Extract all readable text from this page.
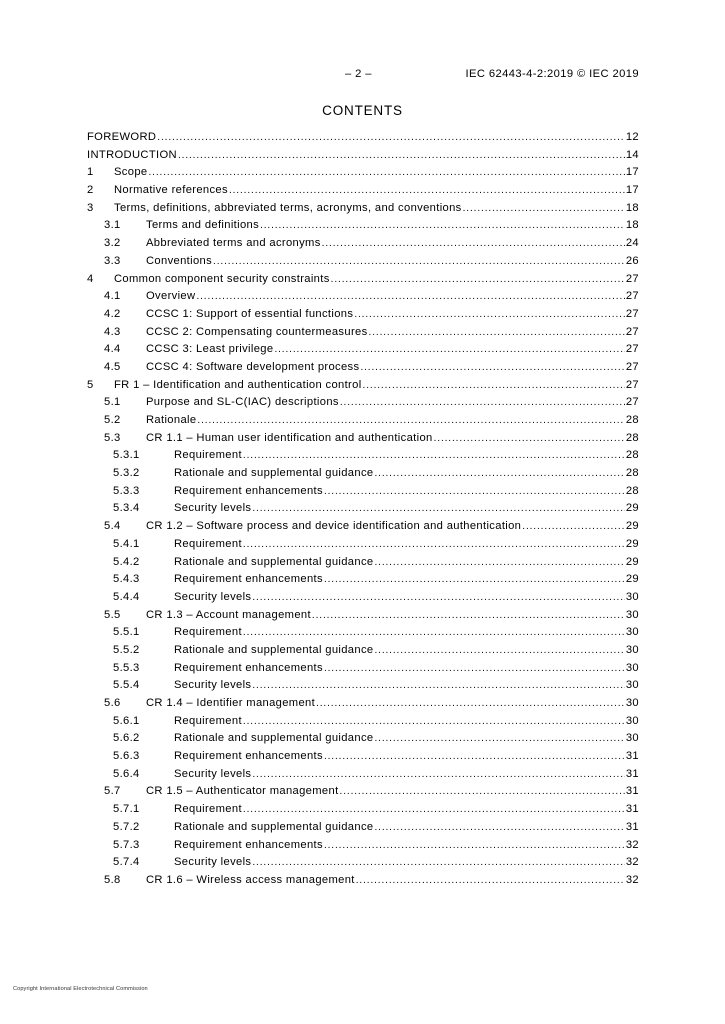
– 2 –	IEC 62443-4-2:2019 © IEC 2019
CONTENTS
FOREWORD .....	12
INTRODUCTION .....	14
1 Scope .....	17
2 Normative references .....	17
3 Terms, definitions, abbreviated terms, acronyms, and conventions .....	18
3.1 Terms and definitions .....	18
3.2 Abbreviated terms and acronyms .....	24
3.3 Conventions .....	26
4 Common component security constraints .....	27
4.1 Overview .....	27
4.2 CCSC 1: Support of essential functions .....	27
4.3 CCSC 2: Compensating countermeasures .....	27
4.4 CCSC 3: Least privilege .....	27
4.5 CCSC 4: Software development process .....	27
5 FR 1 – Identification and authentication control .....	27
5.1 Purpose and SL-C(IAC) descriptions .....	27
5.2 Rationale .....	28
5.3 CR 1.1 – Human user identification and authentication .....	28
5.3.1	Requirement .....	28
5.3.2	Rationale and supplemental guidance .....	28
5.3.3	Requirement enhancements .....	28
5.3.4	Security levels .....	29
5.4 CR 1.2 – Software process and device identification and authentication .....	29
5.4.1	Requirement .....	29
5.4.2	Rationale and supplemental guidance .....	29
5.4.3	Requirement enhancements .....	29
5.4.4	Security levels .....	30
5.5 CR 1.3 – Account management .....	30
5.5.1	Requirement .....	30
5.5.2	Rationale and supplemental guidance .....	30
5.5.3	Requirement enhancements .....	30
5.5.4	Security levels .....	30
5.6 CR 1.4 – Identifier management .....	30
5.6.1	Requirement .....	30
5.6.2	Rationale and supplemental guidance .....	30
5.6.3	Requirement enhancements .....	31
5.6.4	Security levels .....	31
5.7 CR 1.5 – Authenticator management .....	31
5.7.1	Requirement .....	31
5.7.2	Rationale and supplemental guidance .....	31
5.7.3	Requirement enhancements .....	32
5.7.4	Security levels .....	32
5.8 CR 1.6 – Wireless access management .....	32
Copyright International Electrotechnical Commission
